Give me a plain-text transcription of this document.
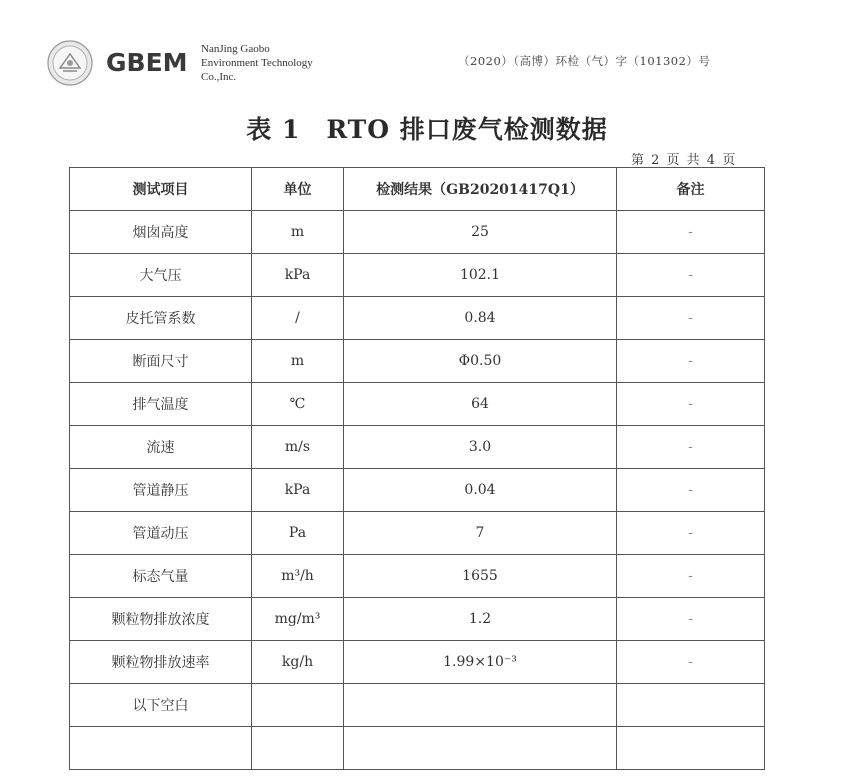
GBEM NanJing Gaobo
Environment Technology
Co.,Inc.
（2020）（高博）环检（气）字（101302）号
表 1　RTO 排口废气检测数据
第 2 页 共 4 页
测试项目	单位	检测结果（GB20201417Q1）	备注
烟囱高度	m	25	-
大气压	kPa	102.1	-
皮托管系数	/	0.84	-
断面尺寸	m	Φ0.50	-
排气温度	℃	64	-
流速	m/s	3.0	-
管道静压	kPa	0.04	-
管道动压	Pa	7	-
标态气量	m³/h	1655	-
颗粒物排放浓度	mg/m³	1.2	-
颗粒物排放速率	kg/h	1.99×10⁻³	-
以下空白			
